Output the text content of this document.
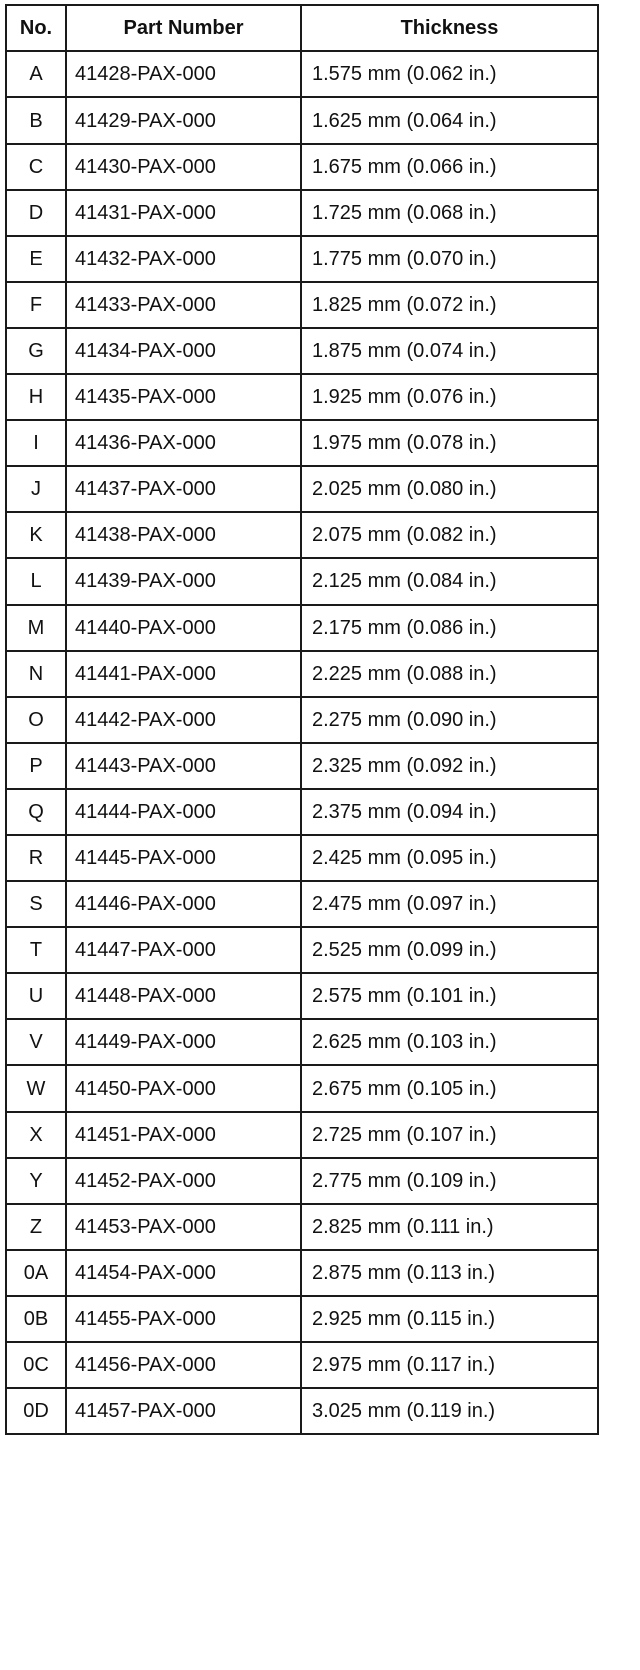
No.	Part Number	Thickness
A	41428-PAX-000	1.575 mm (0.062 in.)
B	41429-PAX-000	1.625 mm (0.064 in.)
C	41430-PAX-000	1.675 mm (0.066 in.)
D	41431-PAX-000	1.725 mm (0.068 in.)
E	41432-PAX-000	1.775 mm (0.070 in.)
F	41433-PAX-000	1.825 mm (0.072 in.)
G	41434-PAX-000	1.875 mm (0.074 in.)
H	41435-PAX-000	1.925 mm (0.076 in.)
I	41436-PAX-000	1.975 mm (0.078 in.)
J	41437-PAX-000	2.025 mm (0.080 in.)
K	41438-PAX-000	2.075 mm (0.082 in.)
L	41439-PAX-000	2.125 mm (0.084 in.)
M	41440-PAX-000	2.175 mm (0.086 in.)
N	41441-PAX-000	2.225 mm (0.088 in.)
O	41442-PAX-000	2.275 mm (0.090 in.)
P	41443-PAX-000	2.325 mm (0.092 in.)
Q	41444-PAX-000	2.375 mm (0.094 in.)
R	41445-PAX-000	2.425 mm (0.095 in.)
S	41446-PAX-000	2.475 mm (0.097 in.)
T	41447-PAX-000	2.525 mm (0.099 in.)
U	41448-PAX-000	2.575 mm (0.101 in.)
V	41449-PAX-000	2.625 mm (0.103 in.)
W	41450-PAX-000	2.675 mm (0.105 in.)
X	41451-PAX-000	2.725 mm (0.107 in.)
Y	41452-PAX-000	2.775 mm (0.109 in.)
Z	41453-PAX-000	2.825 mm (0.111 in.)
0A	41454-PAX-000	2.875 mm (0.113 in.)
0B	41455-PAX-000	2.925 mm (0.115 in.)
0C	41456-PAX-000	2.975 mm (0.117 in.)
0D	41457-PAX-000	3.025 mm (0.119 in.)
